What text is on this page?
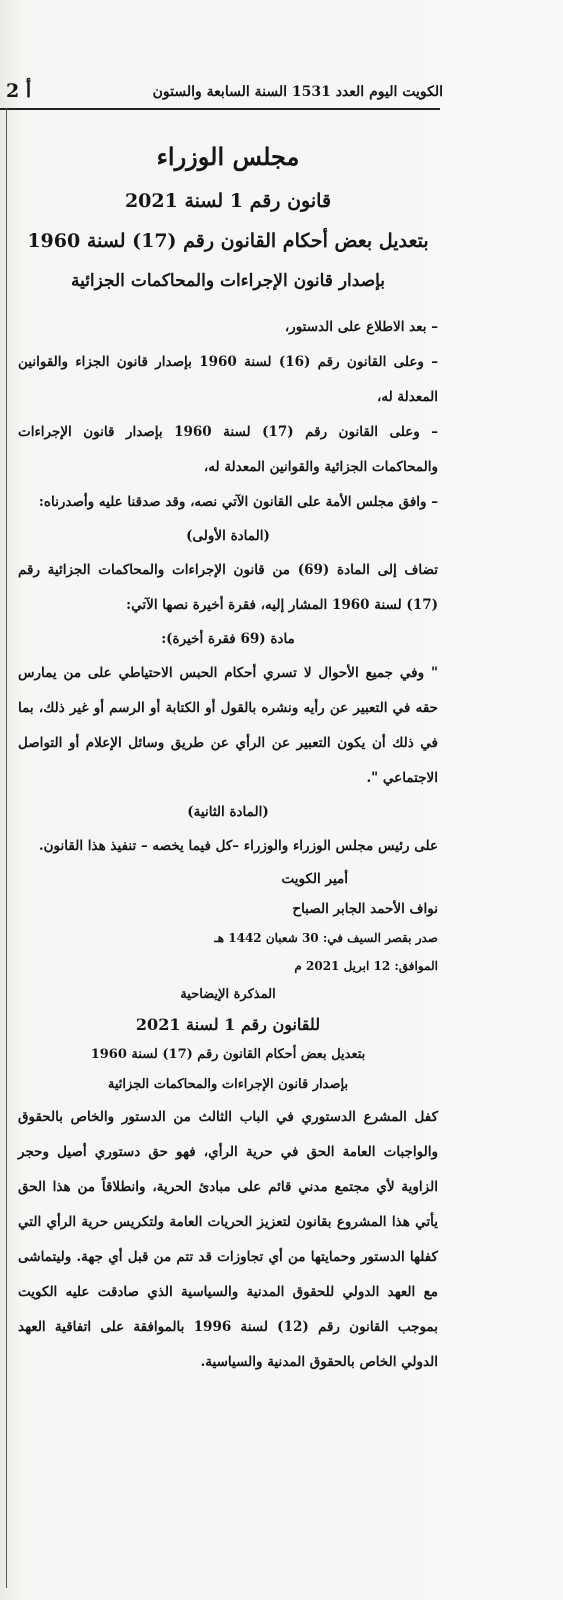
الكويت اليوم العدد 1531 السنة السابعة والستون
2 أ

مجلس الوزراء

قانون رقم 1 لسنة 2021

بتعديل بعض أحكام القانون رقم (17) لسنة 1960

بإصدار قانون الإجراءات والمحاكمات الجزائية

– بعد الاطلاع على الدستور،

– وعلى القانون رقم (16) لسنة 1960 بإصدار قانون الجزاء والقوانين المعدلة له،

– وعلى القانون رقم (17) لسنة 1960 بإصدار قانون الإجراءات والمحاكمات الجزائية والقوانين المعدلة له،

– وافق مجلس الأمة على القانون الآتي نصه، وقد صدقنا عليه وأصدرناه:

(المادة الأولى)

تضاف إلى المادة (69) من قانون الإجراءات والمحاكمات الجزائية رقم (17) لسنة 1960 المشار إليه، فقرة أخيرة نصها الآتي:

مادة (69 فقرة أخيرة):

" وفي جميع الأحوال لا تسري أحكام الحبس الاحتياطي على من يمارس حقه في التعبير عن رأيه ونشره بالقول أو الكتابة أو الرسم أو غير ذلك، بما في ذلك أن يكون التعبير عن الرأي عن طريق وسائل الإعلام أو التواصل الاجتماعي ".

(المادة الثانية)

على رئيس مجلس الوزراء والوزراء –كل فيما يخصه – تنفيذ هذا القانون.

أمير الكويت

نواف الأحمد الجابر الصباح

صدر بقصر السيف في: 30 شعبان 1442 هـ

الموافق: 12 ابريل 2021 م

المذكرة الإيضاحية

للقانون رقم 1 لسنة 2021

بتعديل بعض أحكام القانون رقم (17) لسنة 1960

بإصدار قانون الإجراءات والمحاكمات الجزائية

كفل المشرع الدستوري في الباب الثالث من الدستور والخاص بالحقوق والواجبات العامة الحق في حرية الرأي، فهو حق دستوري أصيل وحجر الزاوية لأي مجتمع مدني قائم على مبادئ الحرية، وانطلاقاً من هذا الحق يأتي هذا المشروع بقانون لتعزيز الحريات العامة ولتكريس حرية الرأي التي كفلها الدستور وحمايتها من أي تجاوزات قد تتم من قبل أي جهة. وليتماشى مع العهد الدولي للحقوق المدنية والسياسية الذي صادقت عليه الكويت بموجب القانون رقم (12) لسنة 1996 بالموافقة على اتفاقية العهد الدولي الخاص بالحقوق المدنية والسياسية.
